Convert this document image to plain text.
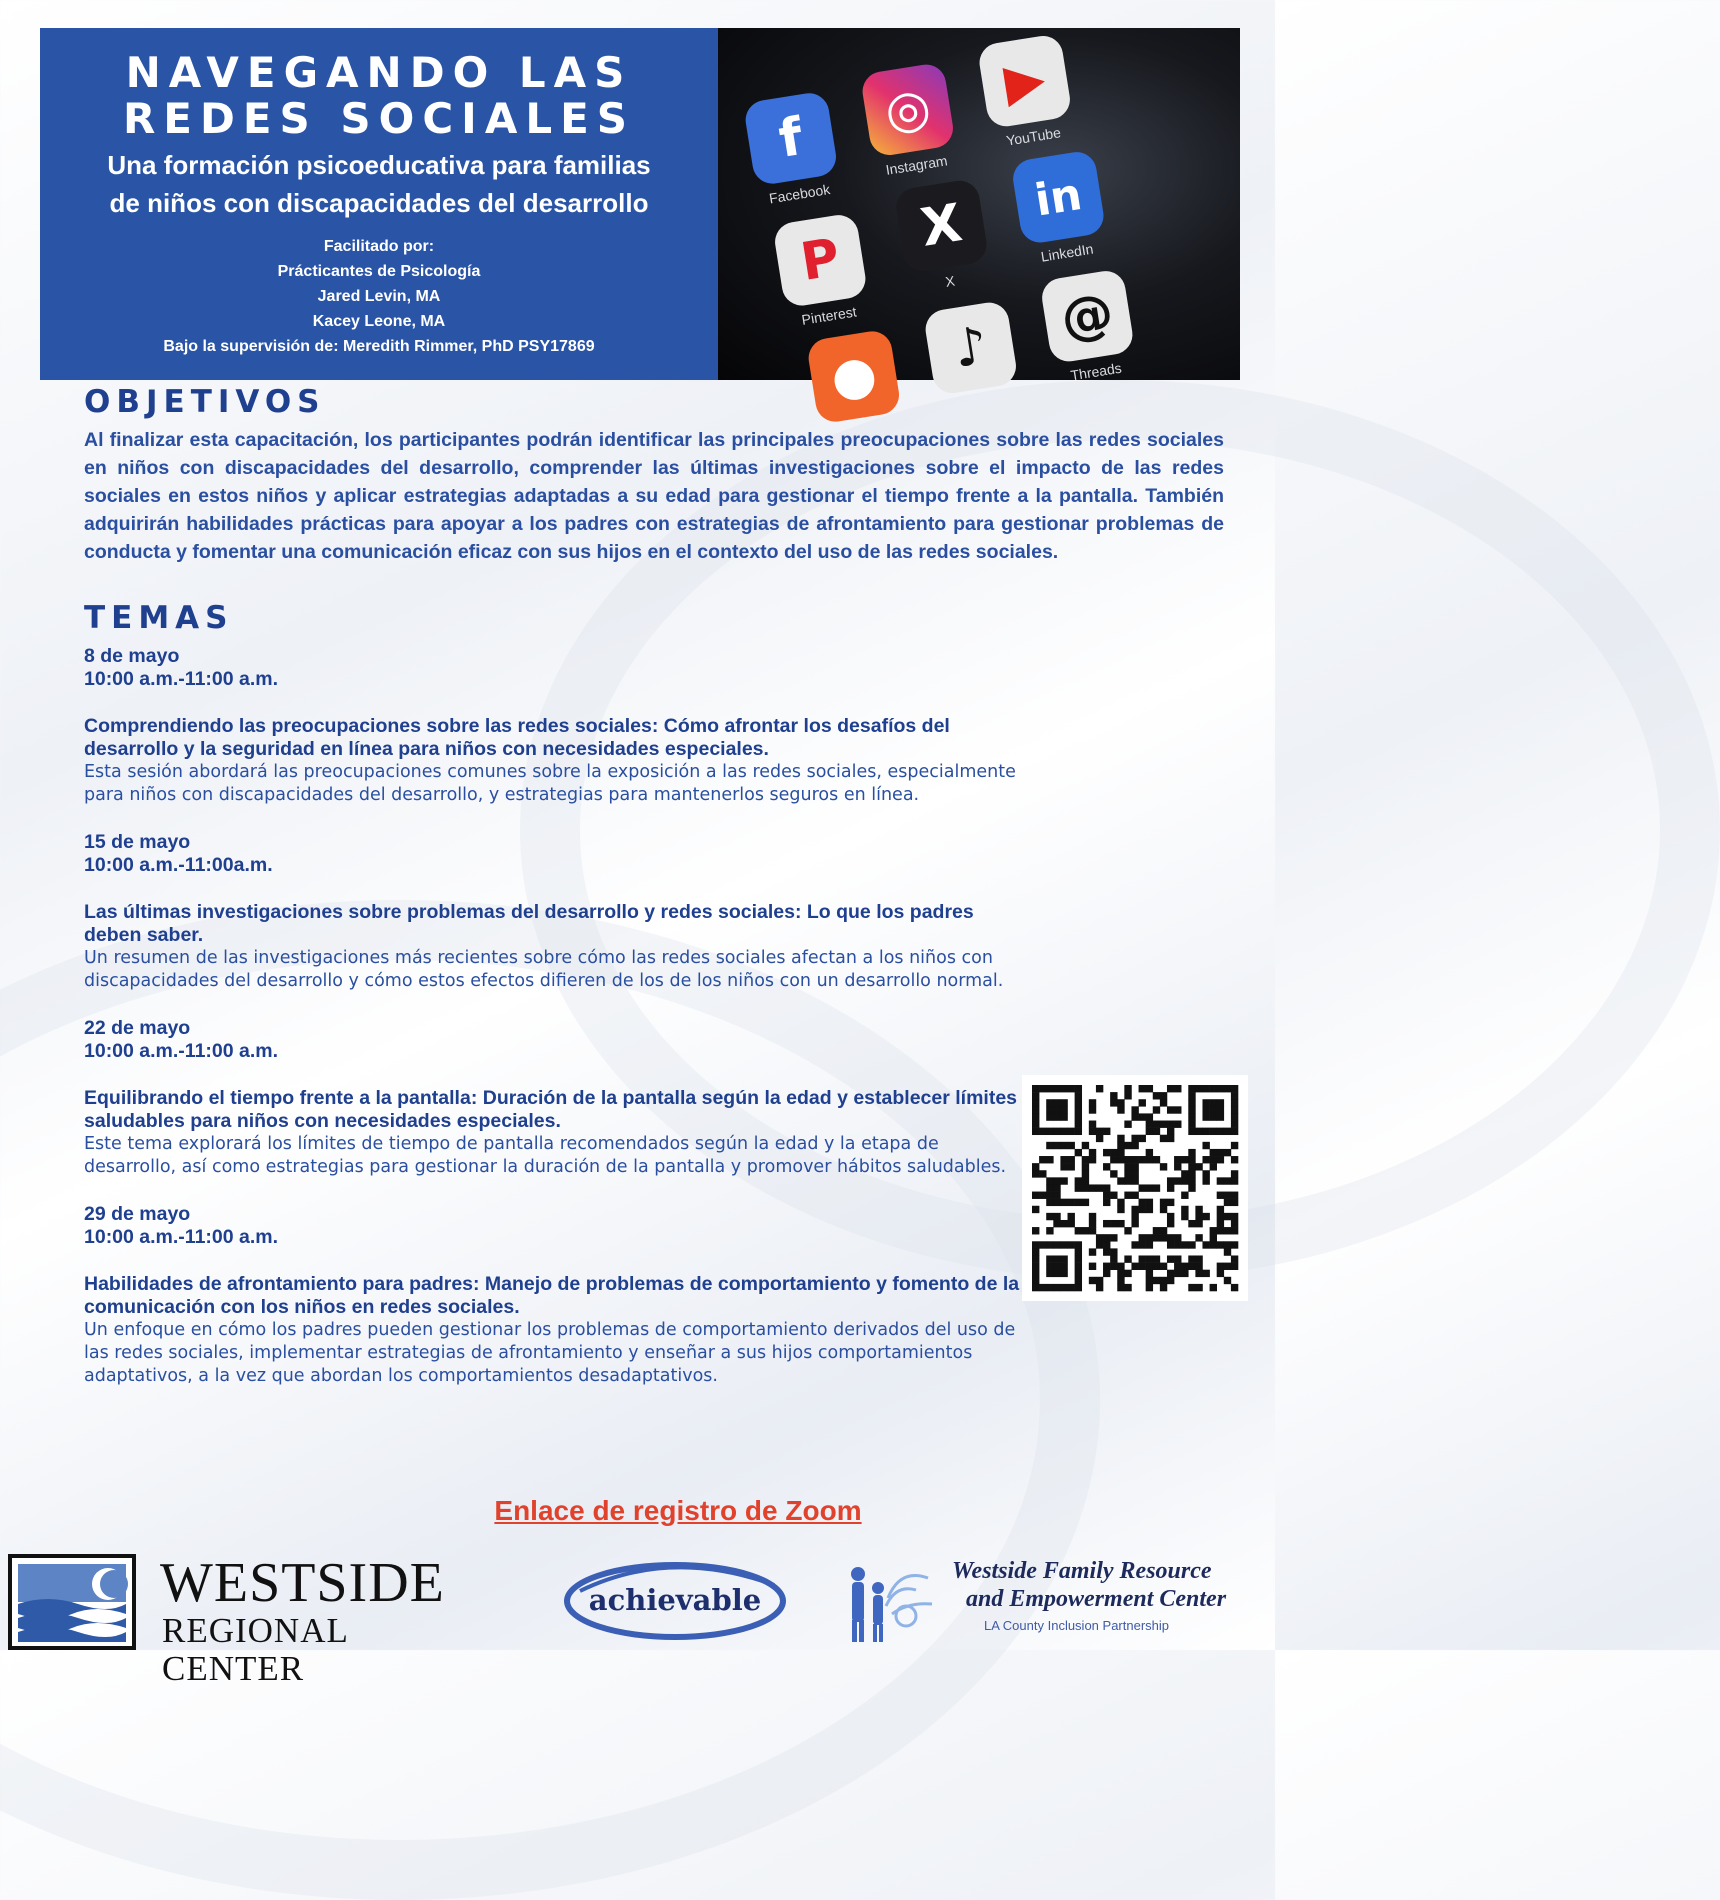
NAVEGANDO LAS
REDES SOCIALES
Una formación psicoeducativa para familias
de niños con discapacidades del desarrollo
Facilitado por:
Prácticantes de Psicología
Jared Levin, MA
Kacey Leone, MA
Bajo la supervisión de: Meredith Rimmer, PhD PSY17869
f
Facebook
◎
Instagram
▶
YouTube
P
Pinterest
X
X
in
LinkedIn
●	♪	@
Threads
OBJETIVOS
Al finalizar esta capacitación, los participantes podrán identificar las principales preocupaciones sobre las redes sociales en niños con discapacidades del desarrollo, comprender las últimas investigaciones sobre el impacto de las redes sociales en estos niños y aplicar estrategias adaptadas a su edad para gestionar el tiempo frente a la pantalla. También adquirirán habilidades prácticas para apoyar a los padres con estrategias de afrontamiento para gestionar problemas de conducta y fomentar una comunicación eficaz con sus hijos en el contexto del uso de las redes sociales.
TEMAS
8 de mayo
10:00 a.m.-11:00 a.m.
Comprendiendo las preocupaciones sobre las redes sociales: Cómo afrontar los desafíos del desarrollo y la seguridad en línea para niños con necesidades especiales.
Esta sesión abordará las preocupaciones comunes sobre la exposición a las redes sociales, especialmente para niños con discapacidades del desarrollo, y estrategias para mantenerlos seguros en línea.
15 de mayo
10:00 a.m.-11:00a.m.
Las últimas investigaciones sobre problemas del desarrollo y redes sociales: Lo que los padres deben saber.
Un resumen de las investigaciones más recientes sobre cómo las redes sociales afectan a los niños con discapacidades del desarrollo y cómo estos efectos difieren de los de los niños con un desarrollo normal.
22 de mayo
10:00 a.m.-11:00 a.m.
Equilibrando el tiempo frente a la pantalla: Duración de la pantalla según la edad y establecer límites saludables para niños con necesidades especiales.
Este tema explorará los límites de tiempo de pantalla recomendados según la edad y la etapa de desarrollo, así como estrategias para gestionar la duración de la pantalla y promover hábitos saludables.
29 de mayo
10:00 a.m.-11:00 a.m.
Habilidades de afrontamiento para padres: Manejo de problemas de comportamiento y fomento de la comunicación con los niños en redes sociales.
Un enfoque en cómo los padres pueden gestionar los problemas de comportamiento derivados del uso de las redes sociales, implementar estrategias de afrontamiento y enseñar a sus hijos comportamientos adaptativos, a la vez que abordan los comportamientos desadaptativos.
Enlace de registro de Zoom
WESTSIDE
REGIONAL CENTER
achievable
Westside Family Resource
and Empowerment Center
LA County Inclusion Partnership
